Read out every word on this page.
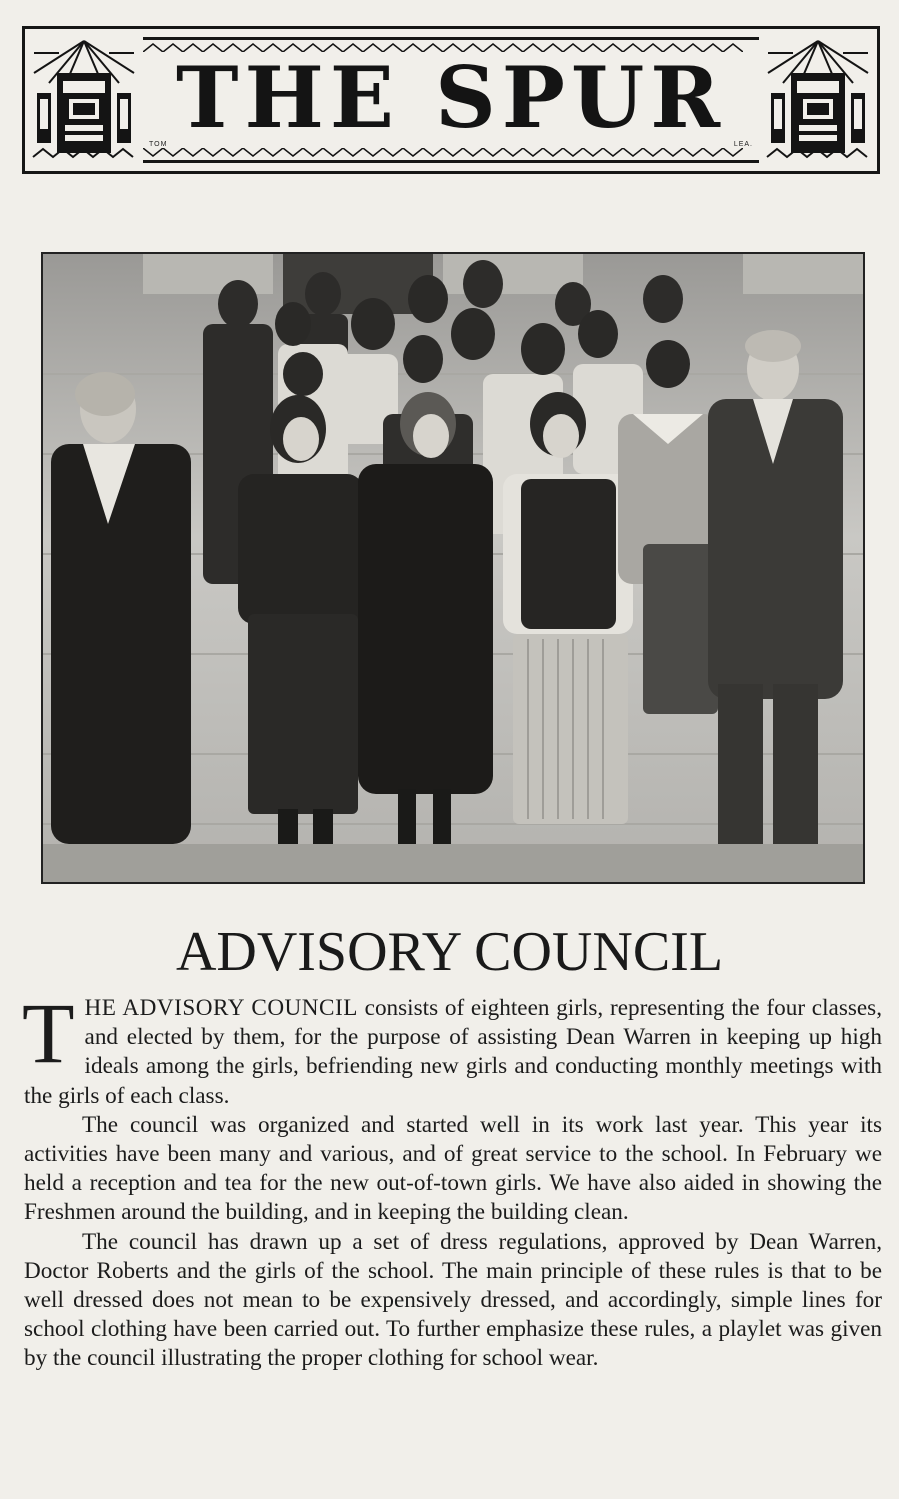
THE SPUR
TOM	LEA.
ADVISORY COUNCIL

THE ADVISORY COUNCIL consists of eighteen girls, representing the four classes, and elected by them, for the purpose of assisting Dean Warren in keeping up high ideals among the girls, befriending new girls and conducting monthly meetings with the girls of each class.

The council was organized and started well in its work last year. This year its activities have been many and various, and of great service to the school. In February we held a reception and tea for the new out-of-town girls. We have also aided in showing the Freshmen around the building, and in keeping the building clean.

The council has drawn up a set of dress regulations, approved by Dean Warren, Doctor Roberts and the girls of the school. The main principle of these rules is that to be well dressed does not mean to be expensively dressed, and accordingly, simple lines for school clothing have been carried out. To further emphasize these rules, a playlet was given by the council illustrating the proper clothing for school wear.
